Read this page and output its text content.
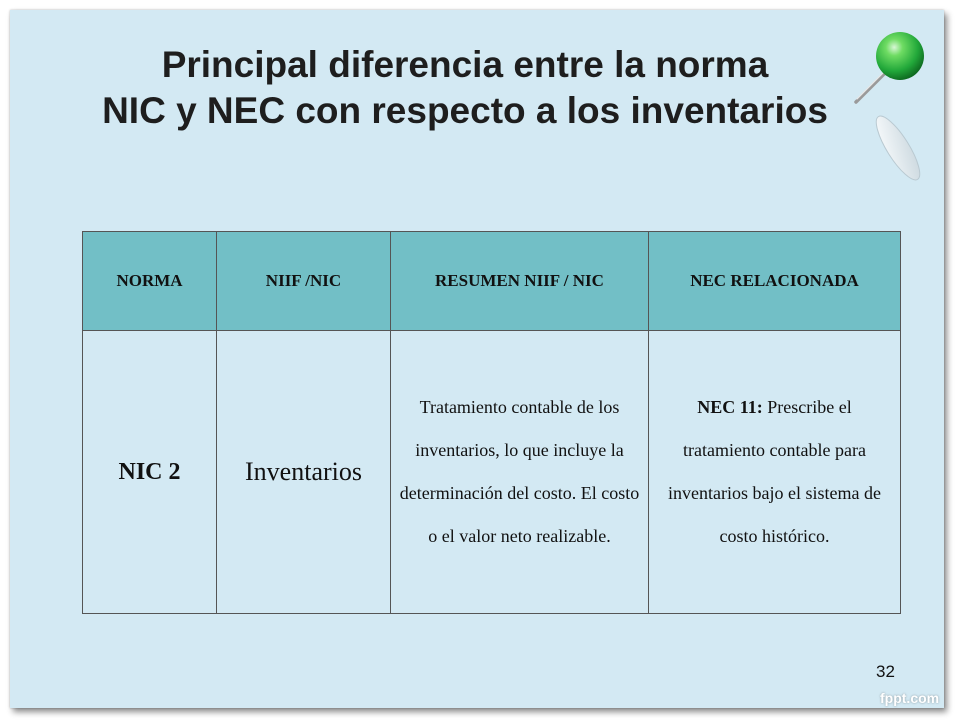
Principal diferencia entre la norma
NIC y NEC con respecto a los inventarios
NORMA	NIIF /NIC	RESUMEN NIIF / NIC	NEC RELACIONADA
NIC 2	Inventarios	Tratamiento contable de los inventarios, lo que incluye la determinación del costo. El costo o el valor neto realizable.	NEC 11: Prescribe el tratamiento contable para inventarios bajo el sistema de costo histórico.
32
fppt.com
